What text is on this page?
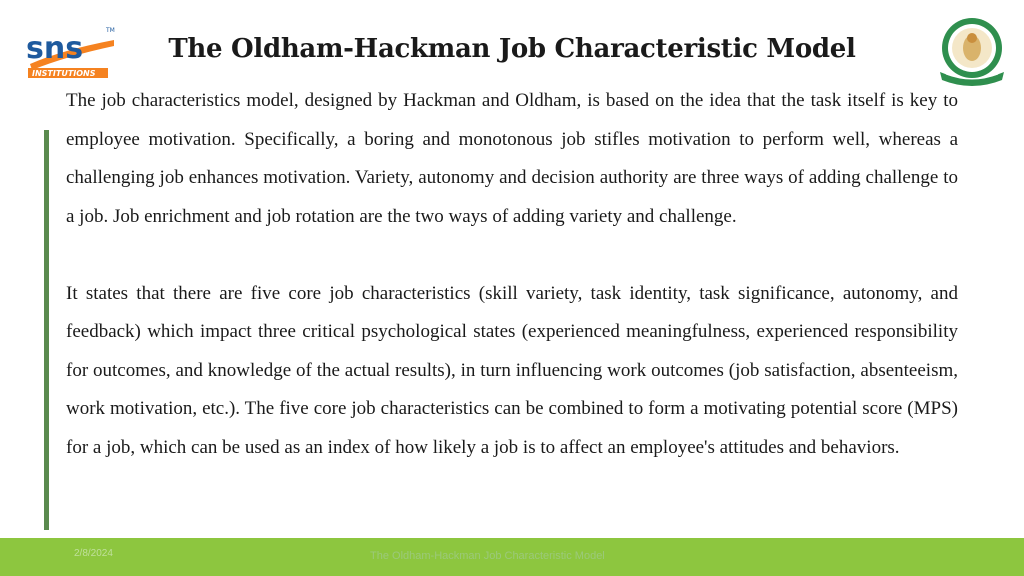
sns
TM
INSTITUTIONS
The Oldham-Hackman Job Characteristic Model

The job characteristics model, designed by Hackman and Oldham, is based on the idea that the task itself is key to employee motivation. Specifically, a boring and monotonous job stifles motivation to perform well, whereas a challenging job enhances motivation. Variety, autonomy and decision authority are three ways of adding challenge to a job. Job enrichment and job rotation are the two ways of adding variety and challenge.

It states that there are five core job characteristics (skill variety, task identity, task significance, autonomy, and feedback) which impact three critical psychological states (experienced meaningfulness, experienced responsibility for outcomes, and knowledge of the actual results), in turn influencing work outcomes (job satisfaction, absenteeism, work motivation, etc.). The five core job characteristics can be combined to form a motivating potential score (MPS) for a job, which can be used as an index of how likely a job is to affect an employee's attitudes and behaviors.

2/8/2024	The Oldham-Hackman Job Characteristic Model
